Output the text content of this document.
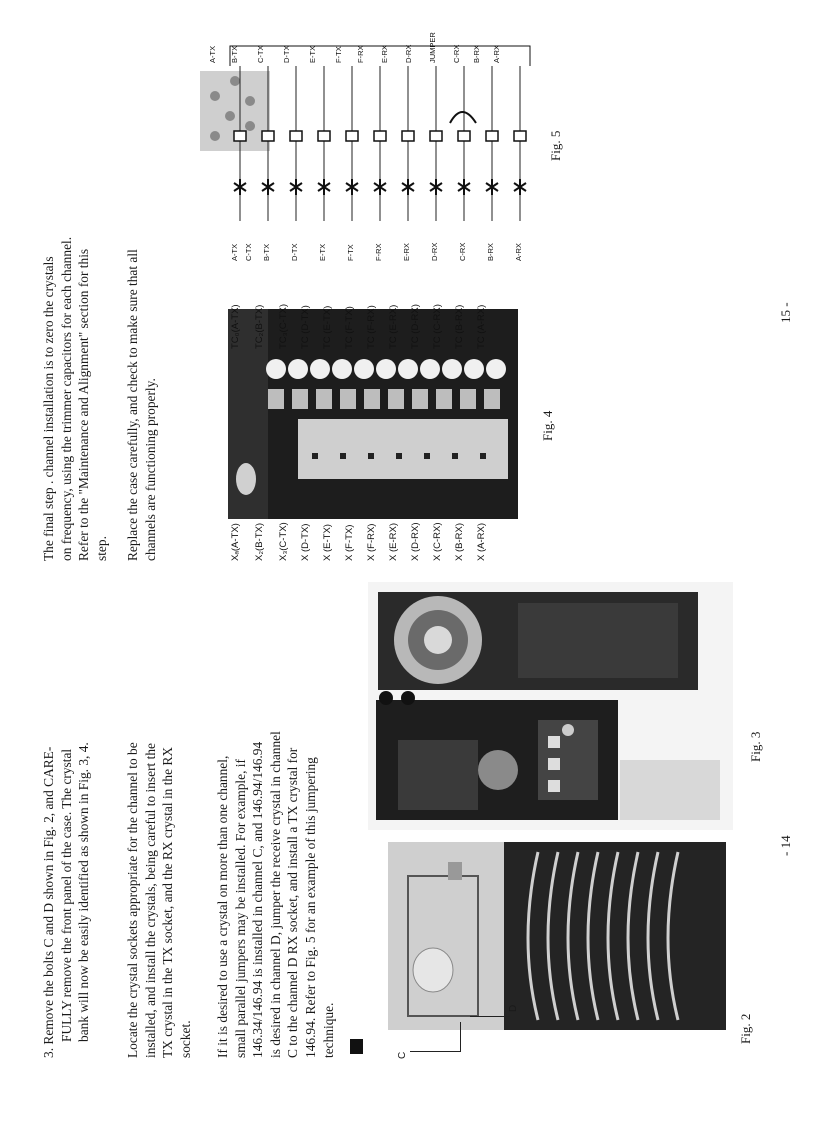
3. Remove the bolts C and D shown in Fig. 2, and CARE- FULLY remove the front panel of the case. The crystal bank will now be easily identified as shown in Fig. 3, 4.	Locate the crystal sockets appropriate for the channel to be installed, and install the crystals, being careful to insert the TX crystal in the TX socket, and the RX crystal in the RX socket. If it is desired to use a crystal on more than one channel, small parallel jumpers may be installed. For example, if 146.34/146.94 is installed in channel C, and 146.94/146.94 is desired in channel D, jumper the receive crystal in channel C to the channel D RX socket, and install a TX crystal for 146.94. Refer to Fig. 5 for an example of this jumpering technique.	C
D
Fig. 2
Fig. 3
- 14

The final step . channel installation is to zero the crystals on frequency, using the trimmer capacitors for each channel. Refer to the "Maintenance and Alignment" section for this step. Replace the case carefully, and check to make sure that all channels are functioning properly.	Xₐ(A-TX) X₂(B-TX) X₃(C-TX) X (D-TX) X (E-TX) X (F-TX) X (F-RX) X (E-RX) X (D-RX) X (C-RX) X (B-RX) X (A-RX)
TC₀(A-TX) TC₂(B-TX) TC₃(C-TX) TC (D-TX) TC (E-TX) TC (F-TX) TC (F-RX) TC (E-RX) TC (D-RX) TC (C-RX) TC (B-RX) TC (A-RX)
Fig. 4
A-TX C-TX B-TX	D-TX	E-TX	F-TX	F-RX	E-RX	D-RX	C-RX	B-RX	A-RX
A-TX B-TX C-TX D-TX E-TX F-TX F-RX E-RX D-RX JUMPER C-RX B-RX A-RX
Fig. 5
15 -
